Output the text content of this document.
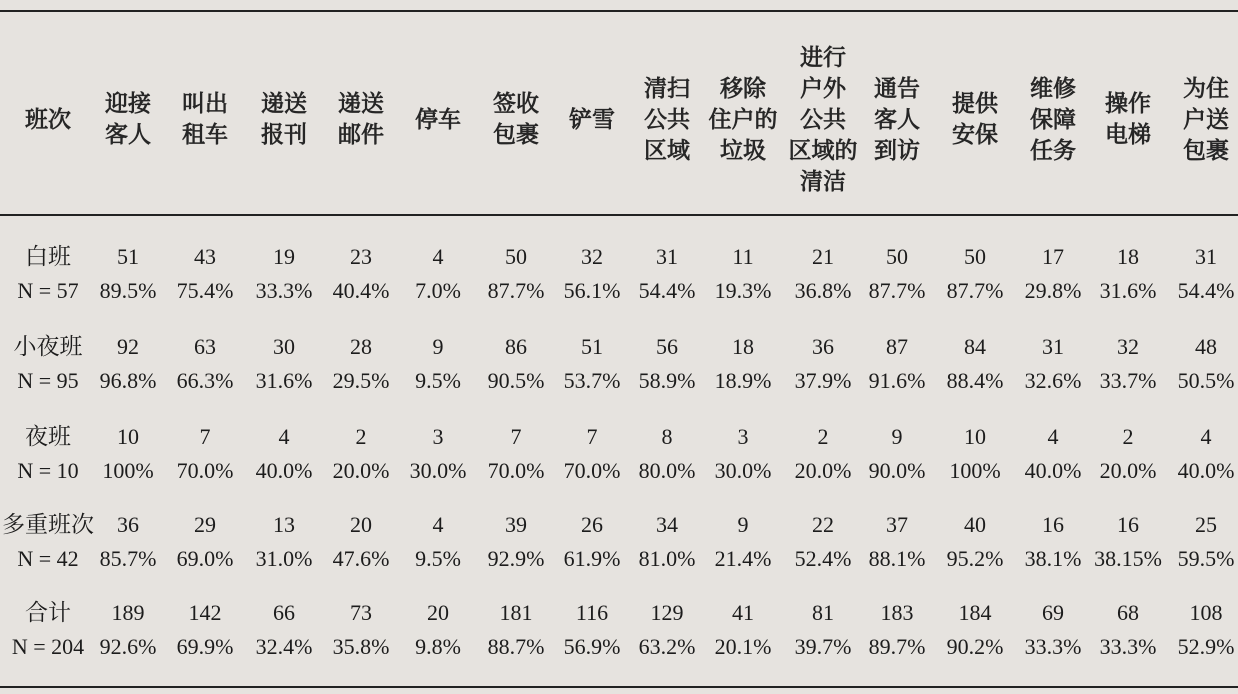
班次
迎接
客人
叫出
租车
递送
报刊
递送
邮件
停车
签收
包裹
铲雪
清扫
公共
区域
移除
住户的
垃圾
进行
户外
公共
区域的
清洁
通告
客人
到访
提供
安保
维修
保障
任务
操作
电梯
为住
户送
包裹
白班
N = 57
51
89.5%
43
75.4%
19
33.3%
23
40.4%
4
7.0%
50
87.7%
32
56.1%
31
54.4%
11
19.3%
21
36.8%
50
87.7%
50
87.7%
17
29.8%
18
31.6%
31
54.4%
小夜班
N = 95
92
96.8%
63
66.3%
30
31.6%
28
29.5%
9
9.5%
86
90.5%
51
53.7%
56
58.9%
18
18.9%
36
37.9%
87
91.6%
84
88.4%
31
32.6%
32
33.7%
48
50.5%
夜班
N = 10
10
100%
7
70.0%
4
40.0%
2
20.0%
3
30.0%
7
70.0%
7
70.0%
8
80.0%
3
30.0%
2
20.0%
9
90.0%
10
100%
4
40.0%
2
20.0%
4
40.0%
多重班次
N = 42
36
85.7%
29
69.0%
13
31.0%
20
47.6%
4
9.5%
39
92.9%
26
61.9%
34
81.0%
9
21.4%
22
52.4%
37
88.1%
40
95.2%
16
38.1%
16
38.15%
25
59.5%
合计
N = 204
189
92.6%
142
69.9%
66
32.4%
73
35.8%
20
9.8%
181
88.7%
116
56.9%
129
63.2%
41
20.1%
81
39.7%
183
89.7%
184
90.2%
69
33.3%
68
33.3%
108
52.9%
